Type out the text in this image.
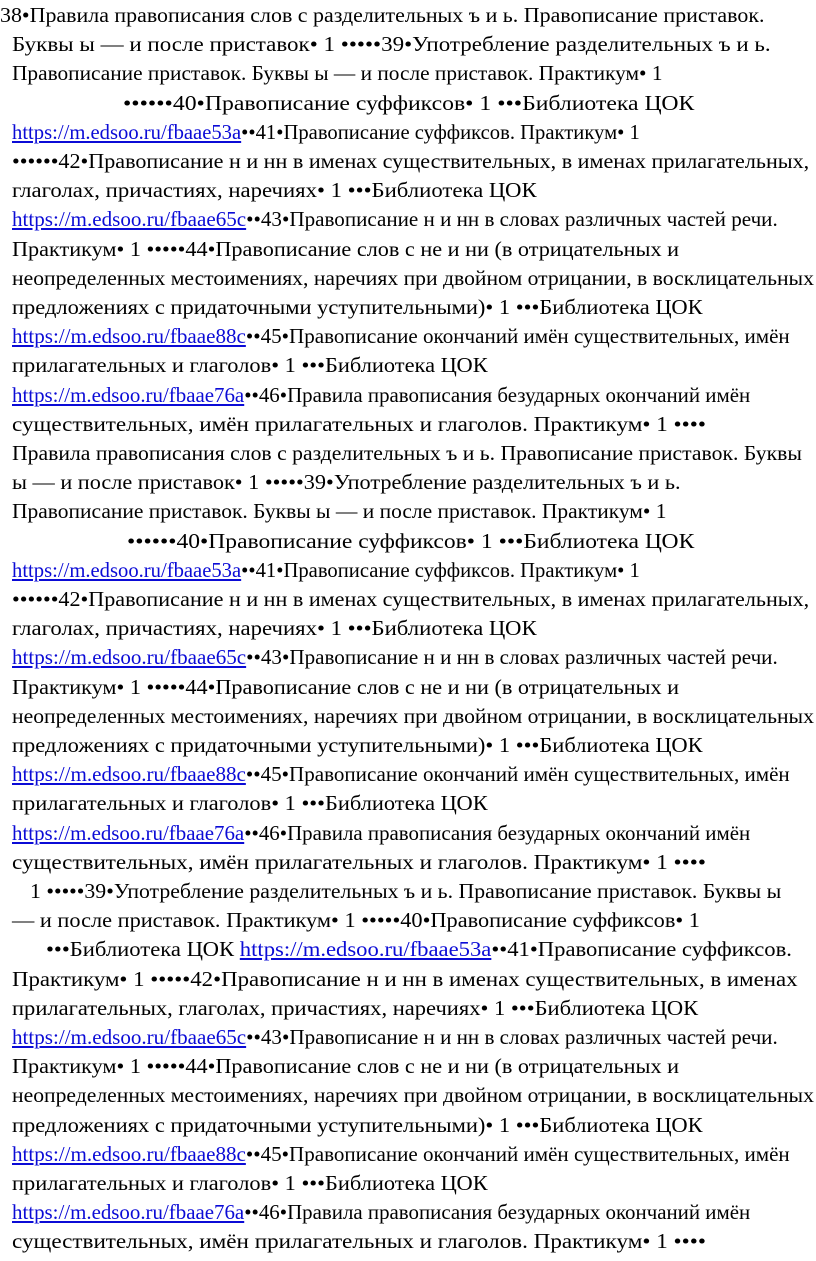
38•Правила правописания слов с разделительных ъ и ь. Правописание приставок.
Буквы ы — и после приставок• 1 •••••39•Употребление разделительных ъ и ь.
Правописание приставок. Буквы ы — и после приставок. Практикум• 1
••••••40•Правописание суффиксов• 1 •••Библиотека ЦОК
https://m.edsoo.ru/fbaae53a••41•Правописание суффиксов. Практикум• 1
••••••42•Правописание н и нн в именах существительных, в именах прилагательных,
глаголах, причастиях, наречиях• 1 •••Библиотека ЦОК
https://m.edsoo.ru/fbaae65c••43•Правописание н и нн в словах различных частей речи.
Практикум• 1 •••••44•Правописание слов с не и ни (в отрицательных и
неопределенных местоимениях, наречиях при двойном отрицании, в восклицательных
предложениях с придаточными уступительными)• 1 •••Библиотека ЦОК
https://m.edsoo.ru/fbaae88c••45•Правописание окончаний имён существительных, имён
прилагательных и глаголов• 1 •••Библиотека ЦОК
https://m.edsoo.ru/fbaae76a••46•Правила правописания безударных окончаний имён
существительных, имён прилагательных и глаголов. Практикум• 1 ••••
Правила правописания слов с разделительных ъ и ь. Правописание приставок. Буквы
ы — и после приставок• 1 •••••39•Употребление разделительных ъ и ь.
Правописание приставок. Буквы ы — и после приставок. Практикум• 1
••••••40•Правописание суффиксов• 1 •••Библиотека ЦОК
https://m.edsoo.ru/fbaae53a••41•Правописание суффиксов. Практикум• 1
••••••42•Правописание н и нн в именах существительных, в именах прилагательных,
глаголах, причастиях, наречиях• 1 •••Библиотека ЦОК
https://m.edsoo.ru/fbaae65c••43•Правописание н и нн в словах различных частей речи.
Практикум• 1 •••••44•Правописание слов с не и ни (в отрицательных и
неопределенных местоимениях, наречиях при двойном отрицании, в восклицательных
предложениях с придаточными уступительными)• 1 •••Библиотека ЦОК
https://m.edsoo.ru/fbaae88c••45•Правописание окончаний имён существительных, имён
прилагательных и глаголов• 1 •••Библиотека ЦОК
https://m.edsoo.ru/fbaae76a••46•Правила правописания безударных окончаний имён
существительных, имён прилагательных и глаголов. Практикум• 1 ••••
1 •••••39•Употребление разделительных ъ и ь. Правописание приставок. Буквы ы
— и после приставок. Практикум• 1 •••••40•Правописание суффиксов• 1
•••Библиотека ЦОК https://m.edsoo.ru/fbaae53a••41•Правописание суффиксов.
Практикум• 1 •••••42•Правописание н и нн в именах существительных, в именах
прилагательных, глаголах, причастиях, наречиях• 1 •••Библиотека ЦОК
https://m.edsoo.ru/fbaae65c••43•Правописание н и нн в словах различных частей речи.
Практикум• 1 •••••44•Правописание слов с не и ни (в отрицательных и
неопределенных местоимениях, наречиях при двойном отрицании, в восклицательных
предложениях с придаточными уступительными)• 1 •••Библиотека ЦОК
https://m.edsoo.ru/fbaae88c••45•Правописание окончаний имён существительных, имён
прилагательных и глаголов• 1 •••Библиотека ЦОК
https://m.edsoo.ru/fbaae76a••46•Правила правописания безударных окончаний имён
существительных, имён прилагательных и глаголов. Практикум• 1 ••••
